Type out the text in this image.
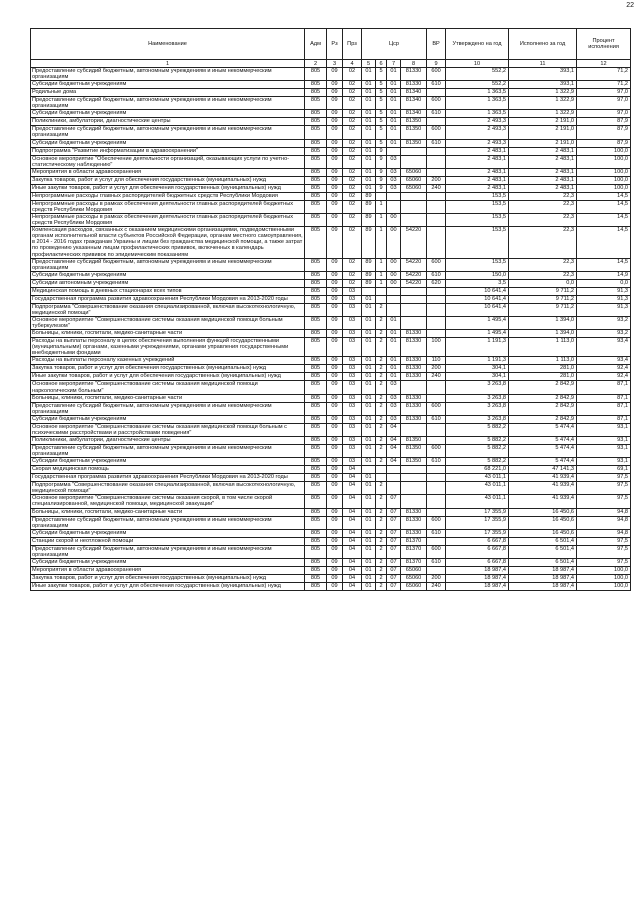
22
Наименование	Адм	Рз	Прз	Цср				ВР	Утверждено на год	Исполнено за год	Процент исполнения
1	2	3	4	5	6	7	8	9	10	11	12
Предоставление субсидий бюджетным, автономным учреждениям и иным некоммерческим организациям	805	09	02	01	5	01	81330	600	552,2	393,1	71,2
Субсидии бюджетным учреждениям	805	09	02	01	5	01	81330	610	552,2	393,1	71,2
Родильные дома	805	09	02	01	5	01	81340		1 363,5	1 322,9	97,0
Предоставление субсидий бюджетным, автономным учреждениям и иным некоммерческим организациям	805	09	02	01	5	01	81340	600	1 363,5	1 322,9	97,0
Субсидии бюджетным учреждениям	805	09	02	01	5	01	81340	610	1 363,5	1 322,9	97,0
Поликлиники, амбулатории, диагностические центры	805	09	02	01	5	01	81350		2 493,3	2 191,0	87,9
Предоставление субсидий бюджетным, автономным учреждениям и иным некоммерческим организациям	805	09	02	01	5	01	81350	600	2 493,3	2 191,0	87,9
Субсидии бюджетным учреждениям	805	09	02	01	5	01	81350	610	2 493,3	2 191,0	87,9
Подпрограмма "Развитие информатизации в здравоохранении"	805	09	02	01	9				2 483,1	2 483,1	100,0
Основное мероприятие "Обеспечение деятельности организаций, оказывающих услуги по учетно-статистическому наблюдению"	805	09	02	01	9	03			2 483,1	2 483,1	100,0
Мероприятия в области здравоохранения	805	09	02	01	9	03	65060		2 483,1	2 483,1	100,0
Закупка товаров, работ и услуг для обеспечения государственных (муниципальных) нужд	805	09	02	01	9	03	65060	200	2 483,1	2 483,1	100,0
Иные закупки товаров, работ и услуг для обеспечения государственных (муниципальных) нужд	805	09	02	01	9	03	65060	240	2 483,1	2 483,1	100,0
Непрограммные расходы главных распорядителей бюджетных средств Республики Мордовия	805	09	02	89					153,5	22,3	14,5
Непрограммные расходы в рамках обеспечения деятельности главных распорядителей бюджетных средств Республики Мордовия	805	09	02	89	1				153,5	22,3	14,5
Непрограммные расходы в рамках обеспечения деятельности главных распорядителей бюджетных средств Республики Мордовия	805	09	02	89	1	00			153,5	22,3	14,5
Компенсация расходов, связанных с оказанием медицинскими организациями, подведомственными органам исполнительной власти субъектов Российской Федерации, органам местного самоуправления, в 2014 - 2016 годах гражданам Украины и лицам без гражданства медицинской помощи, а также затрат по проведению указанным лицам профилактических прививок, включенных в календарь профилактических прививок по эпидемическим показаниям	805	09	02	89	1	00	54220		153,5	22,3	14,5
Предоставление субсидий бюджетным, автономным учреждениям и иным некоммерческим организациям	805	09	02	89	1	00	54220	600	153,5	22,3	14,5
Субсидии бюджетным учреждениям	805	09	02	89	1	00	54220	610	150,0	22,3	14,9
Субсидии автономным учреждениям	805	09	02	89	1	00	54220	620	3,5	0,0	0,0
Медицинская помощь в дневных стационарах всех типов	805	09	03						10 641,4	9 711,2	91,3
Государственная программа развития здравоохранения Республики Мордовия на 2013-2020 годы	805	09	03	01					10 641,4	9 711,2	91,3
Подпрограмма "Совершенствование оказания специализированной, включая высокотехнологичную, медицинской помощи"	805	09	03	01	2				10 641,4	9 711,2	91,3
Основное мероприятие "Совершенствование системы оказания медицинской помощи больным туберкулезом"	805	09	03	01	2	01			1 495,4	1 394,0	93,2
Больницы, клиники, госпитали, медико-санитарные части	805	09	03	01	2	01	81330		1 495,4	1 394,0	93,2
Расходы на выплаты персоналу в целях обеспечения выполнения функций государственными (муниципальными) органами, казенными учреждениями, органами управления государственными внебюджетными фондами	805	09	03	01	2	01	81330	100	1 191,3	1 113,0	93,4
Расходы на выплаты персоналу казенных учреждений	805	09	03	01	2	01	81330	110	1 191,3	1 113,0	93,4
Закупка товаров, работ и услуг для обеспечения государственных (муниципальных) нужд	805	09	03	01	2	01	81330	200	304,1	281,0	92,4
Иные закупки товаров, работ и услуг для обеспечения государственных (муниципальных) нужд	805	09	03	01	2	01	81330	240	304,1	281,0	92,4
Основное мероприятие "Совершенствование системы оказания медицинской помощи наркологическим больным"	805	09	03	01	2	03			3 263,8	2 842,9	87,1
Больницы, клиники, госпитали, медико-санитарные части	805	09	03	01	2	03	81330		3 263,8	2 842,9	87,1
Предоставление субсидий бюджетным, автономным учреждениям и иным некоммерческим организациям	805	09	03	01	2	03	81330	600	3 263,8	2 842,9	87,1
Субсидии бюджетным учреждениям	805	09	03	01	2	03	81330	610	3 263,8	2 842,9	87,1
Основное мероприятие "Совершенствование системы оказания медицинской помощи больным с психическими расстройствами и расстройствами поведения"	805	09	03	01	2	04			5 882,2	5 474,4	93,1
Поликлиники, амбулатории, диагностические центры	805	09	03	01	2	04	81350		5 882,2	5 474,4	93,1
Предоставление субсидий бюджетным, автономным учреждениям и иным некоммерческим организациям	805	09	03	01	2	04	81350	600	5 882,2	5 474,4	93,1
Субсидии бюджетным учреждениям	805	09	03	01	2	04	81350	610	5 882,2	5 474,4	93,1
Скорая медицинская помощь	805	09	04						68 221,0	47 141,3	69,1
Государственная программа развития здравоохранения Республики Мордовия на 2013-2020 годы	805	09	04	01					43 011,1	41 939,4	97,5
Подпрограмма "Совершенствование оказания специализированной, включая высокотехнологичную, медицинской помощи"	805	09	04	01	2				43 011,1	41 939,4	97,5
Основное мероприятие "Совершенствование системы оказания скорой, в том числе скорой специализированной, медицинской помощи, медицинской эвакуации"	805	09	04	01	2	07			43 011,1	41 939,4	97,5
Больницы, клиники, госпитали, медико-санитарные части	805	09	04	01	2	07	81330		17 355,9	16 450,6	94,8
Предоставление субсидий бюджетным, автономным учреждениям и иным некоммерческим организациям	805	09	04	01	2	07	81330	600	17 355,9	16 450,6	94,8
Субсидии бюджетным учреждениям	805	09	04	01	2	07	81330	610	17 355,9	16 450,6	94,8
Станции скорой и неотложной помощи	805	09	04	01	2	07	81370		6 667,8	6 501,4	97,5
Предоставление субсидий бюджетным, автономным учреждениям и иным некоммерческим организациям	805	09	04	01	2	07	81370	600	6 667,8	6 501,4	97,5
Субсидии бюджетным учреждениям	805	09	04	01	2	07	81370	610	6 667,8	6 501,4	97,5
Мероприятия в области здравоохранения	805	09	04	01	2	07	65060		18 987,4	18 987,4	100,0
Закупка товаров, работ и услуг для обеспечения государственных (муниципальных) нужд	805	09	04	01	2	07	65060	200	18 987,4	18 987,4	100,0
Иные закупки товаров, работ и услуг для обеспечения государственных (муниципальных) нужд	805	09	04	01	2	07	65060	240	18 987,4	18 987,4	100,0
